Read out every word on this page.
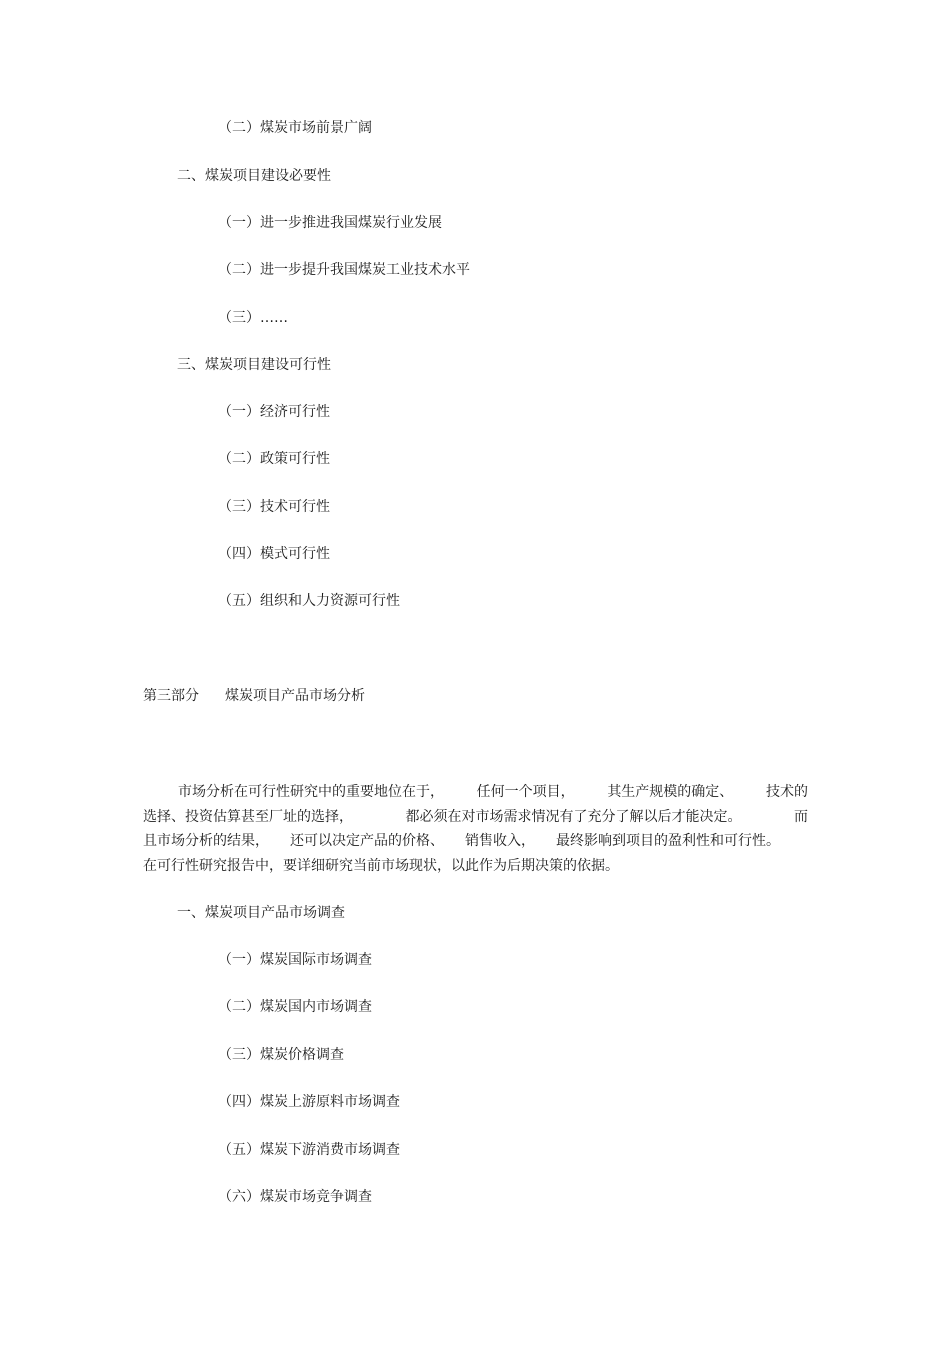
（二）煤炭市场前景广阔
二、煤炭项目建设必要性
（一）进一步推进我国煤炭行业发展
（二）进一步提升我国煤炭工业技术水平
（三）……
三、煤炭项目建设可行性
（一）经济可行性
（二）政策可行性
（三）技术可行性
（四）模式可行性
（五）组织和人力资源可行性
第三部分 煤炭项目产品市场分析
市场分析在可行性研究中的重要地位在于， 任何一个项目， 其生产规模的确定、 技术的
选择、投资估算甚至厂址的选择，	都必须在对市场需求情况有了充分了解以后才能决定。	而
且市场分析的结果， 还可以决定产品的价格、 销售收入， 最终影响到项目的盈利性和可行性。
在可行性研究报告中，要详细研究当前市场现状，以此作为后期决策的依据。
一、煤炭项目产品市场调查
（一）煤炭国际市场调查
（二）煤炭国内市场调查
（三）煤炭价格调查
（四）煤炭上游原料市场调查
（五）煤炭下游消费市场调查
（六）煤炭市场竞争调查
